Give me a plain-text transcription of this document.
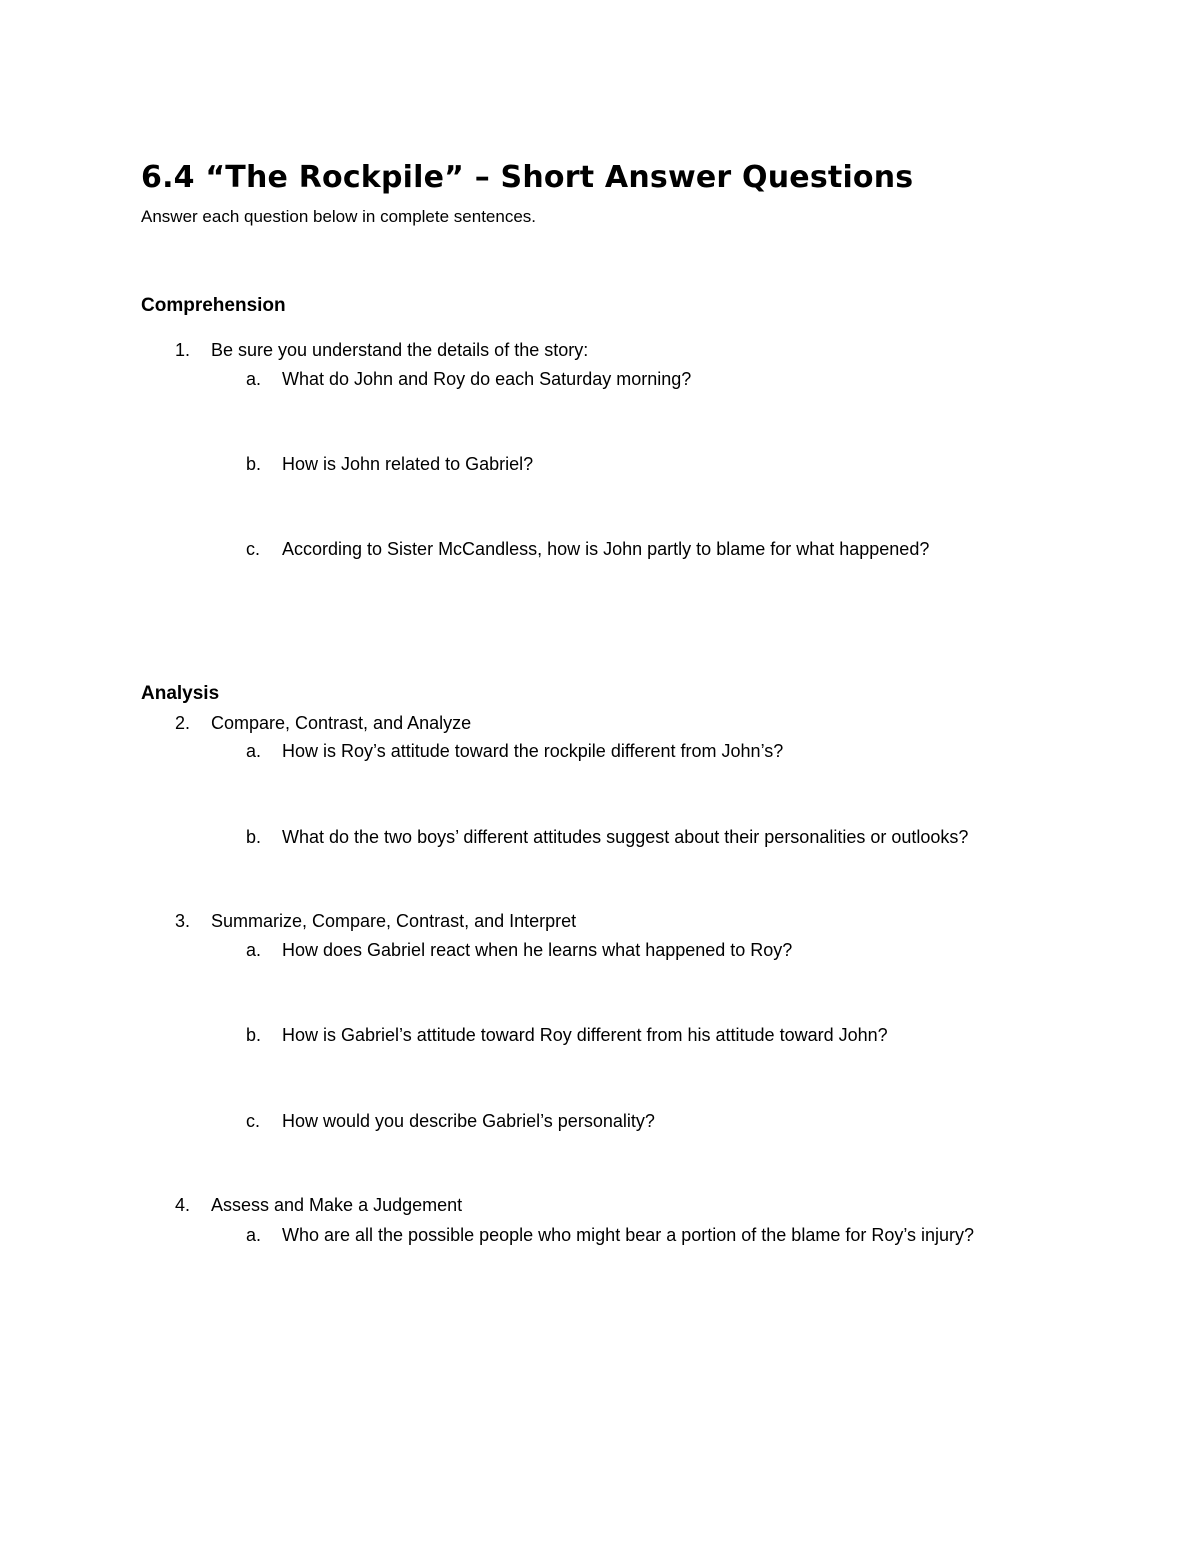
6.4 “The Rockpile” – Short Answer Questions
Answer each question below in complete sentences.
Comprehension
1. Be sure you understand the details of the story:
a. What do John and Roy do each Saturday morning?
b. How is John related to Gabriel?
c. According to Sister McCandless, how is John partly to blame for what happened?
Analysis
2. Compare, Contrast, and Analyze
a. How is Roy’s attitude toward the rockpile different from John’s?
b. What do the two boys’ different attitudes suggest about their personalities or outlooks?
3. Summarize, Compare, Contrast, and Interpret
a. How does Gabriel react when he learns what happened to Roy?
b. How is Gabriel’s attitude toward Roy different from his attitude toward John?
c. How would you describe Gabriel’s personality?
4. Assess and Make a Judgement
a. Who are all the possible people who might bear a portion of the blame for Roy’s injury?
